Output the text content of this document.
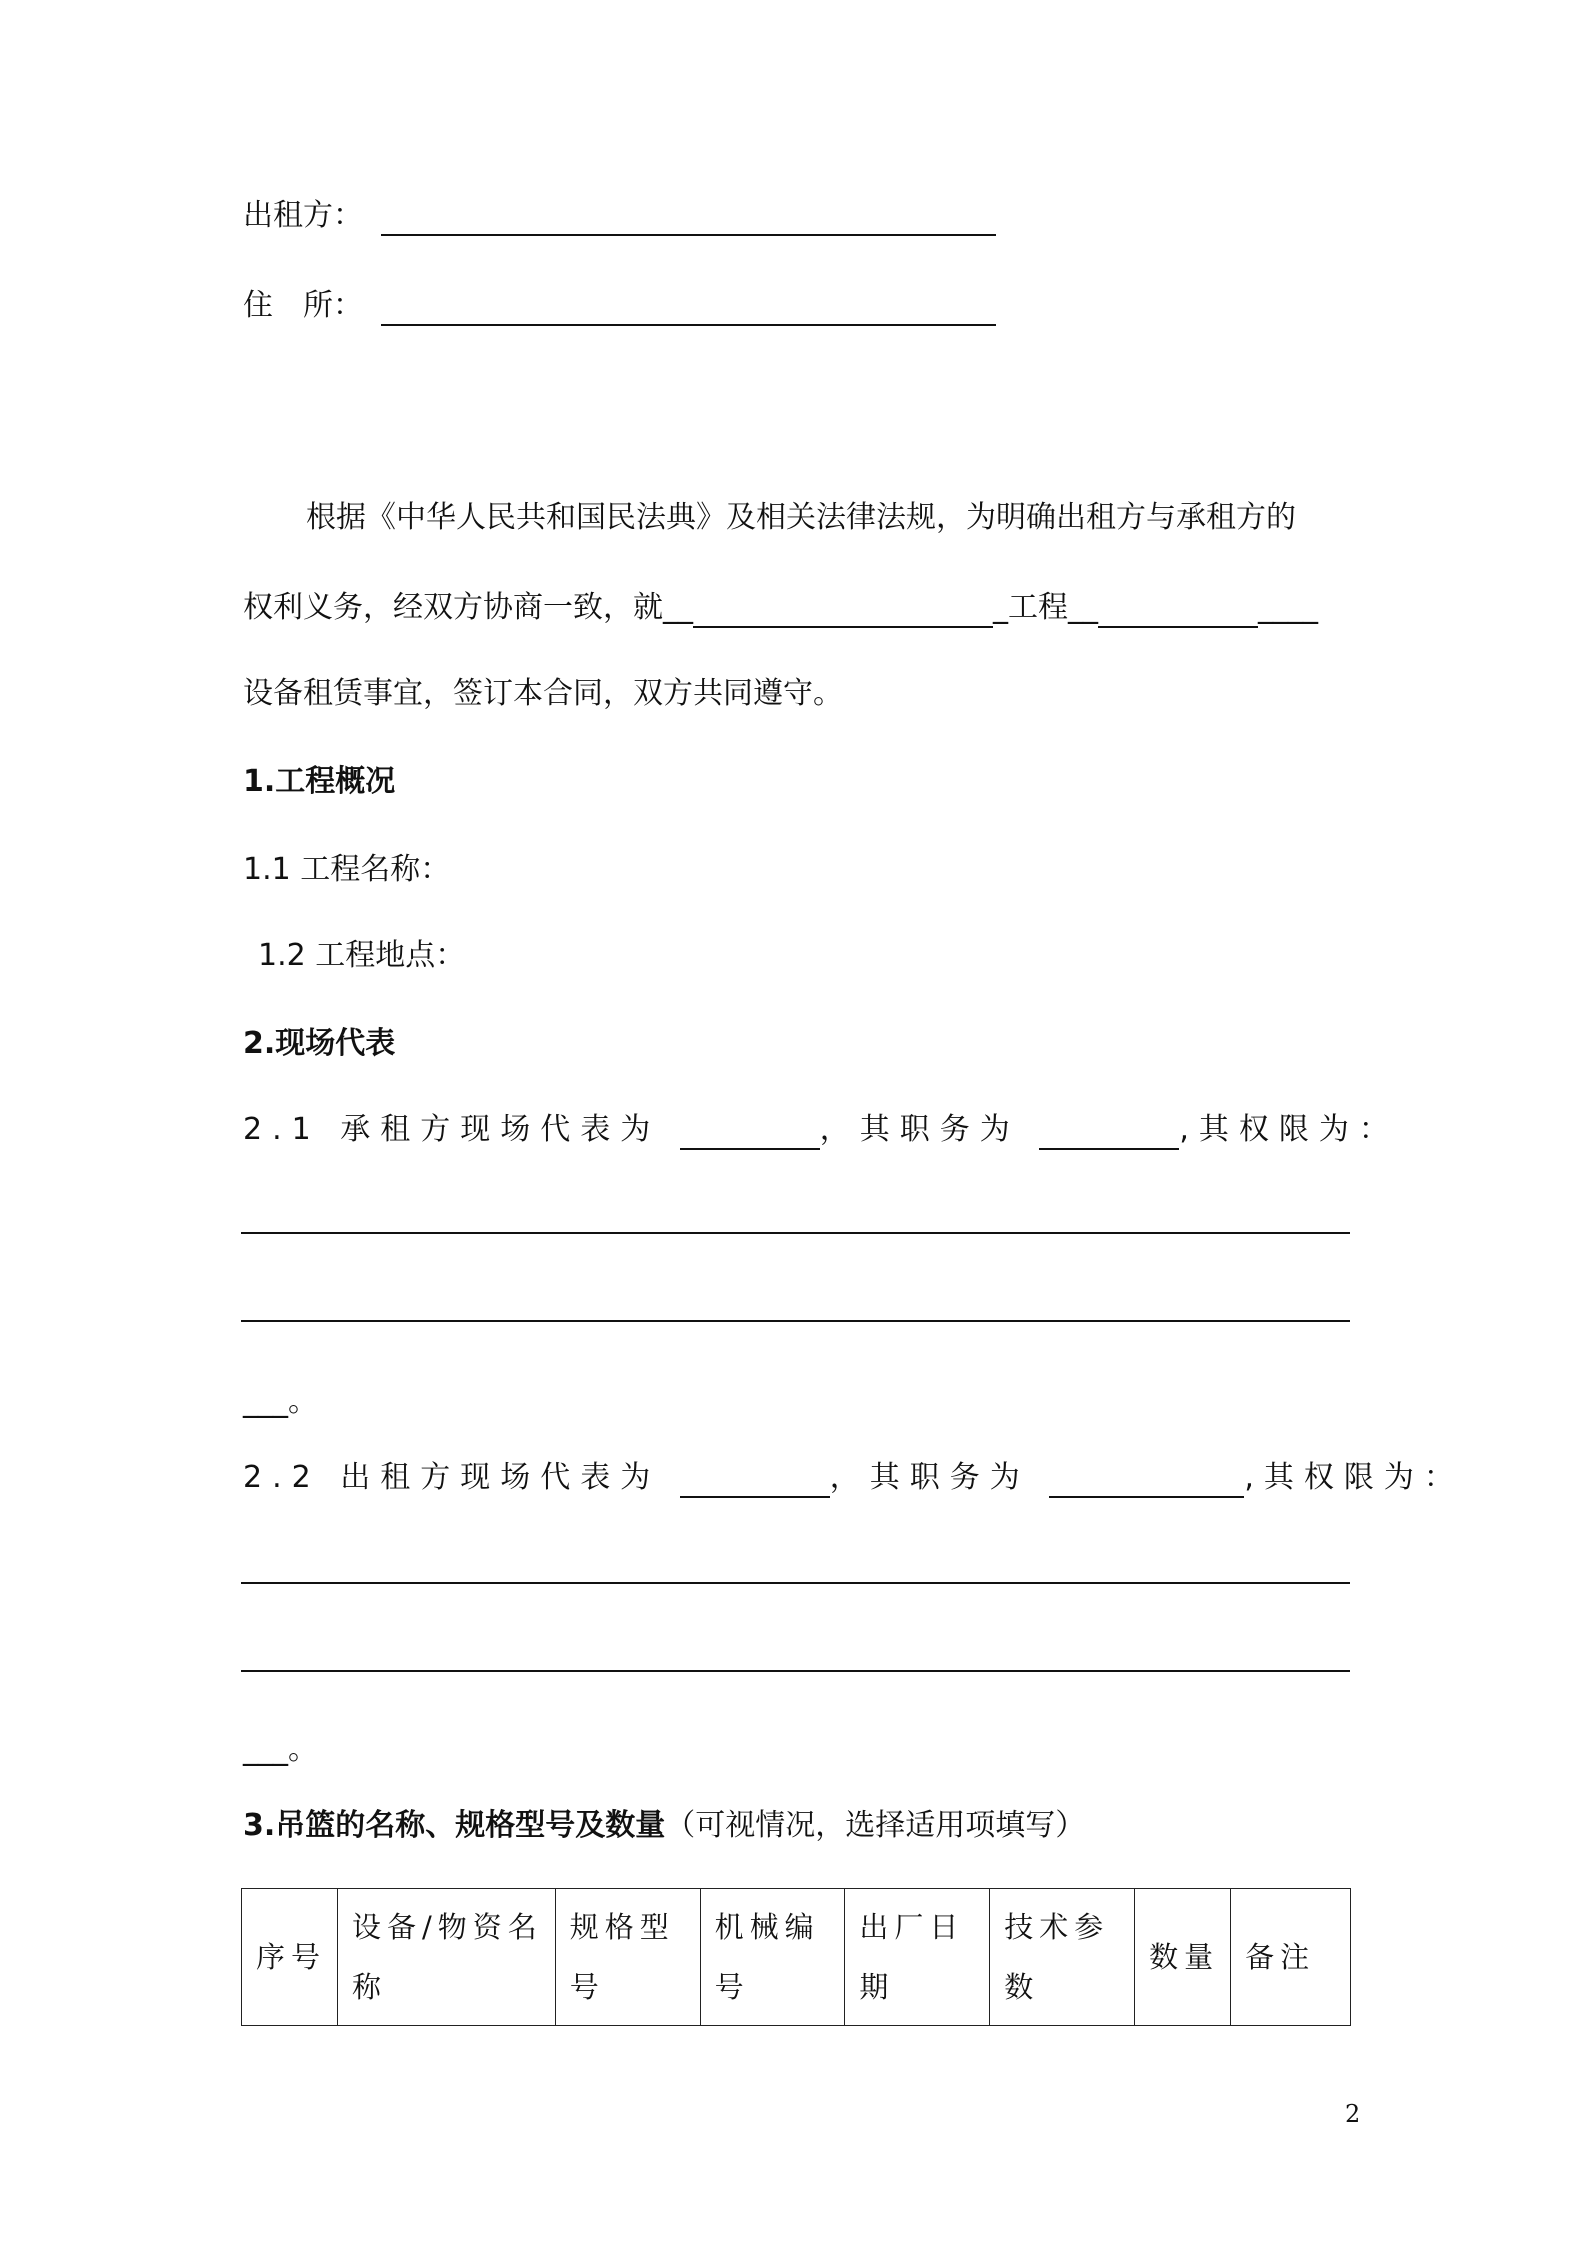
出租方：
住　所：
根据《中华人民共和国民法典》及相关法律法规，为明确出租方与承租方的
权利义务，经双方协商一致，就__	_工程__	____
设备租赁事宜，签订本合同，双方共同遵守。
1.工程概况
1.1 工程名称：
1.2 工程地点：
2.现场代表
2.1 承租方现场代表为	，其职务为	,其权限为：
___。
2.2 出租方现场代表为	，其职务为	,其权限为：
___。
3.吊篮的名称、规格型号及数量（可视情况，选择适用项填写）
序号	设备/物资名称	规格型号	机械编号	出厂日期	技术参数	数量	备注
2
